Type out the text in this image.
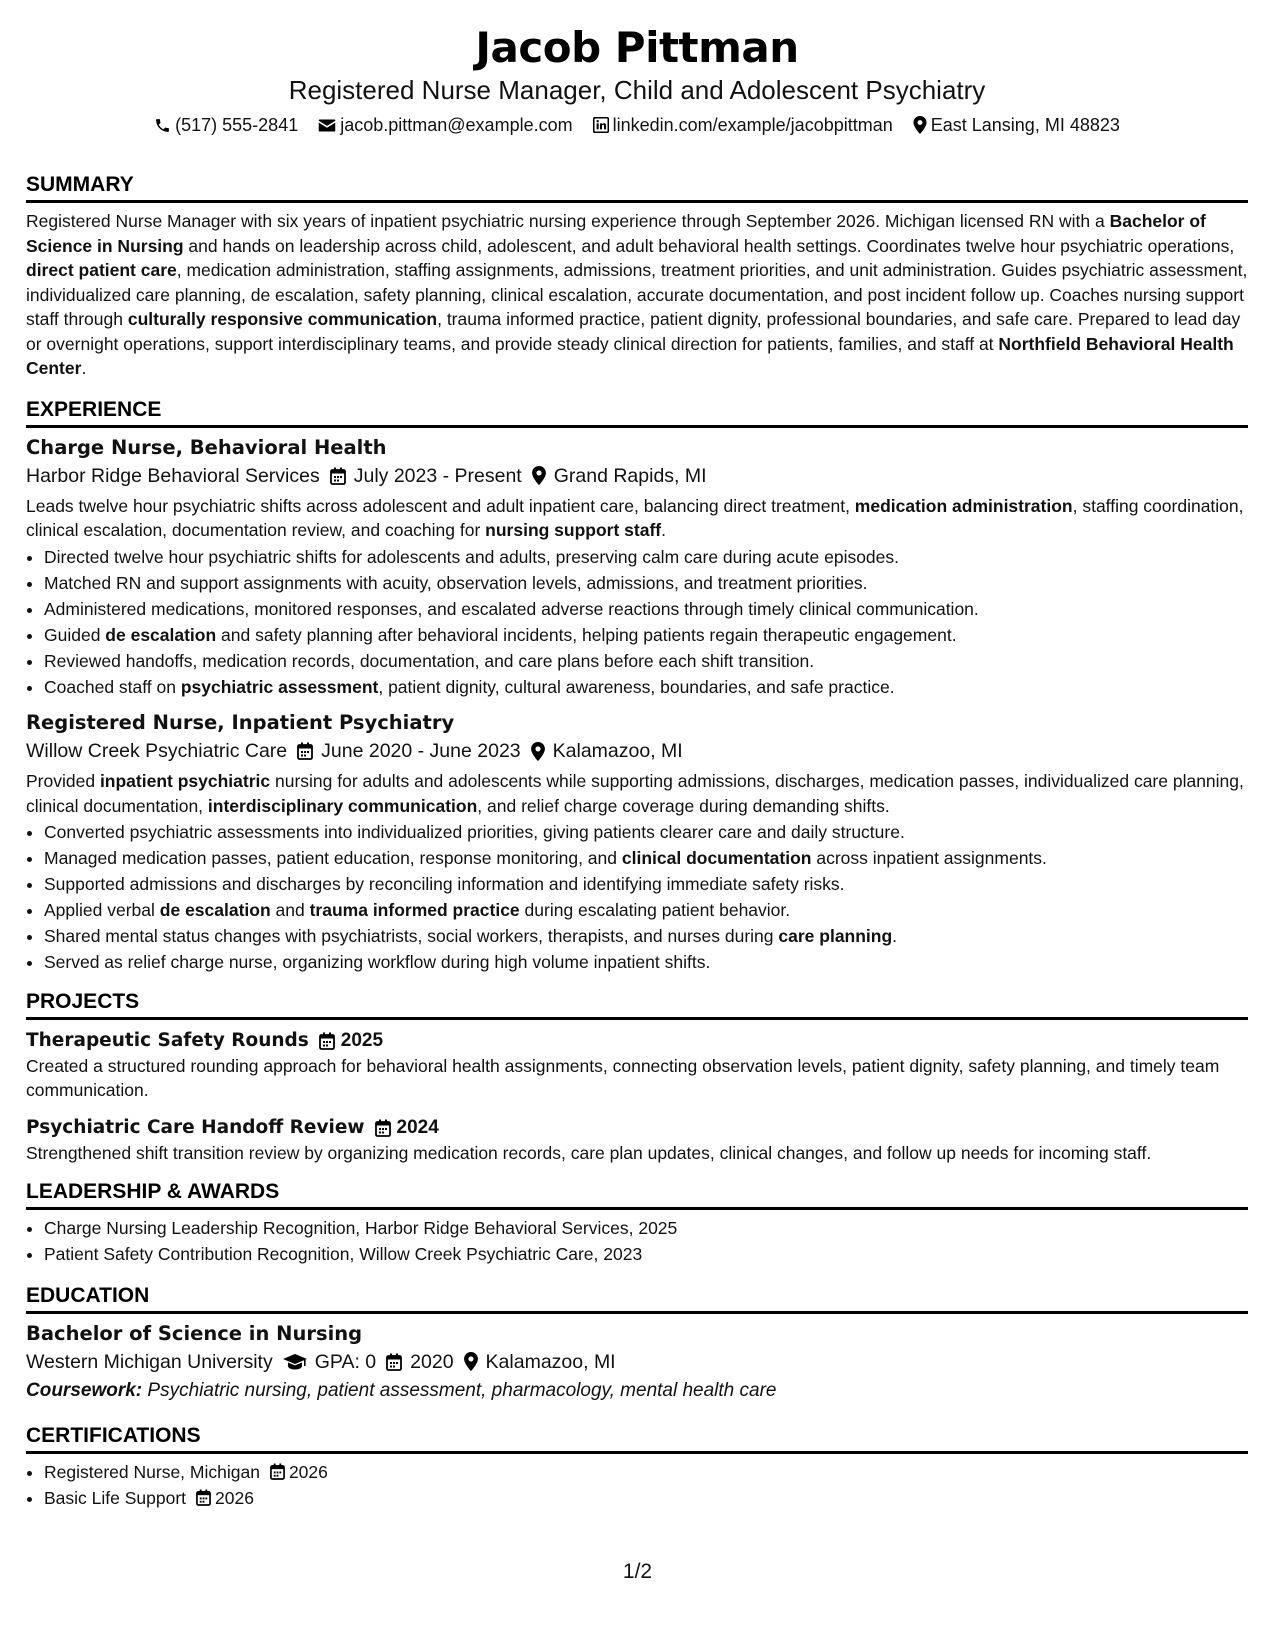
Jacob Pittman
Registered Nurse Manager, Child and Adolescent Psychiatry
(517) 555-2841 jacob.pittman@example.com linkedin.com/example/jacobpittman East Lansing, MI 48823
SUMMARY

Registered Nurse Manager with six years of inpatient psychiatric nursing experience through September 2026. Michigan licensed RN with a Bachelor of Science in Nursing and hands on leadership across child, adolescent, and adult behavioral health settings. Coordinates twelve hour psychiatric operations, direct patient care, medication administration, staffing assignments, admissions, treatment priorities, and unit administration. Guides psychiatric assessment, individualized care planning, de escalation, safety planning, clinical escalation, accurate documentation, and post incident follow up. Coaches nursing support staff through culturally responsive communication, trauma informed practice, patient dignity, professional boundaries, and safe care. Prepared to lead day or overnight operations, support interdisciplinary teams, and provide steady clinical direction for patients, families, and staff at Northfield Behavioral Health Center.

EXPERIENCE
Charge Nurse, Behavioral Health
Harbor Ridge Behavioral Services July 2023 - Present Grand Rapids, MI

Leads twelve hour psychiatric shifts across adolescent and adult inpatient care, balancing direct treatment, medication administration, staffing coordination, clinical escalation, documentation review, and coaching for nursing support staff.

• Directed twelve hour psychiatric shifts for adolescents and adults, preserving calm care during acute episodes.
• Matched RN and support assignments with acuity, observation levels, admissions, and treatment priorities.
• Administered medications, monitored responses, and escalated adverse reactions through timely clinical communication.
• Guided de escalation and safety planning after behavioral incidents, helping patients regain therapeutic engagement.
• Reviewed handoffs, medication records, documentation, and care plans before each shift transition.
• Coached staff on psychiatric assessment, patient dignity, cultural awareness, boundaries, and safe practice.
Registered Nurse, Inpatient Psychiatry
Willow Creek Psychiatric Care June 2020 - June 2023 Kalamazoo, MI

Provided inpatient psychiatric nursing for adults and adolescents while supporting admissions, discharges, medication passes, individualized care planning, clinical documentation, interdisciplinary communication, and relief charge coverage during demanding shifts.

• Converted psychiatric assessments into individualized priorities, giving patients clearer care and daily structure.
• Managed medication passes, patient education, response monitoring, and clinical documentation across inpatient assignments.
• Supported admissions and discharges by reconciling information and identifying immediate safety risks.
• Applied verbal de escalation and trauma informed practice during escalating patient behavior.
• Shared mental status changes with psychiatrists, social workers, therapists, and nurses during care planning.
• Served as relief charge nurse, organizing workflow during high volume inpatient shifts.
PROJECTS
Therapeutic Safety Rounds 2025

Created a structured rounding approach for behavioral health assignments, connecting observation levels, patient dignity, safety planning, and timely team communication.

Psychiatric Care Handoff Review 2024

Strengthened shift transition review by organizing medication records, care plan updates, clinical changes, and follow up needs for incoming staff.

LEADERSHIP & AWARDS
• Charge Nursing Leadership Recognition, Harbor Ridge Behavioral Services, 2025
• Patient Safety Contribution Recognition, Willow Creek Psychiatric Care, 2023
EDUCATION
Bachelor of Science in Nursing
Western Michigan University GPA: 0 2020 Kalamazoo, MI

Coursework: Psychiatric nursing, patient assessment, pharmacology, mental health care

CERTIFICATIONS
• Registered Nurse, Michigan 2026
• Basic Life Support 2026
1/2
